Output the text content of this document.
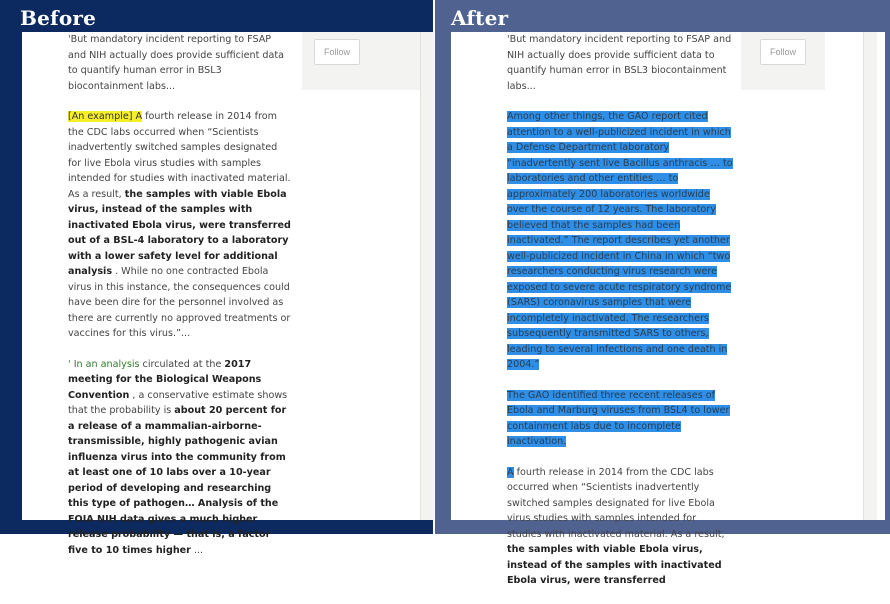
Before
Follow

'But mandatory incident reporting to FSAP and NIH actually does provide sufficient data to quantify human error in BSL3 biocontainment labs...

[An example] A fourth release in 2014 from the CDC labs occurred when “Scientists inadvertently switched samples designated for live Ebola virus studies with samples intended for studies with inactivated material. As a result, the samples with viable Ebola virus, instead of the samples with inactivated Ebola virus, were transferred out of a BSL-4 laboratory to a laboratory with a lower safety level for additional analysis . While no one contracted Ebola virus in this instance, the consequences could have been dire for the personnel involved as there are currently no approved treatments or vaccines for this virus.”...

' In an analysis circulated at the 2017 meeting for the Biological Weapons Convention , a conservative estimate shows that the probability is about 20 percent for a release of a mammalian-airborne-transmissible, highly pathogenic avian influenza virus into the community from at least one of 10 labs over a 10-year period of developing and researching this type of pathogen… Analysis of the FOIA NIH data gives a much higher release probability — that is, a factor five to 10 times higher ...

After
Follow

'But mandatory incident reporting to FSAP and NIH actually does provide sufficient data to quantify human error in BSL3 biocontainment labs...

Among other things, the GAO report cited attention to a well-publicized incident in which a Defense Department laboratory “inadvertently sent live Bacillus anthracis … to laboratories and other entities … to approximately 200 laboratories worldwide over the course of 12 years. The laboratory believed that the samples had been inactivated.” The report describes yet another well-publicized incident in China in which “two researchers conducting virus research were exposed to severe acute respiratory syndrome (SARS) coronavirus samples that were incompletely inactivated. The researchers subsequently transmitted SARS to others, leading to several infections and one death in 2004.”

The GAO identified three recent releases of Ebola and Marburg viruses from BSL4 to lower containment labs due to incomplete inactivation.

A fourth release in 2014 from the CDC labs occurred when “Scientists inadvertently switched samples designated for live Ebola virus studies with samples intended for studies with inactivated material. As a result, the samples with viable Ebola virus, instead of the samples with inactivated Ebola virus, were transferred
